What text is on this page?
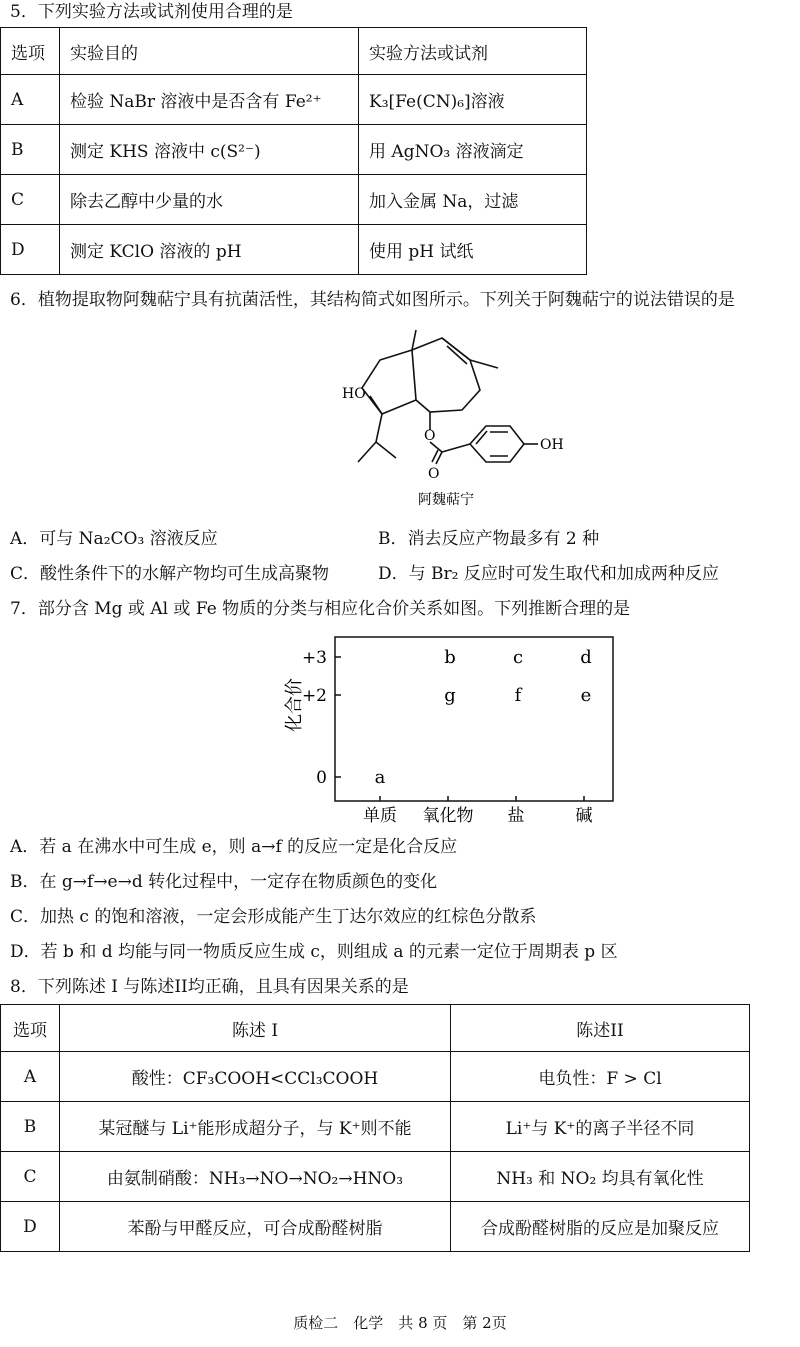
5．下列实验方法或试剂使用合理的是
选项	实验目的	实验方法或试剂
A	检验 NaBr 溶液中是否含有 Fe²⁺	K₃[Fe(CN)₆]溶液
B	测定 KHS 溶液中 c(S²⁻)	用 AgNO₃ 溶液滴定
C	除去乙醇中少量的水	加入金属 Na，过滤
D	测定 KClO 溶液的 pH	使用 pH 试纸
6．植物提取物阿魏萜宁具有抗菌活性，其结构简式如图所示。下列关于阿魏萜宁的说法错误的是
HO
O
O
OH
阿魏萜宁
A．可与 Na₂CO₃ 溶液反应	B．消去反应产物最多有 2 种
C．酸性条件下的水解产物均可生成高聚物	D．与 Br₂ 反应时可发生取代和加成两种反应
7．部分含 Mg 或 Al 或 Fe 物质的分类与相应化合价关系如图。下列推断合理的是
化合价
+3
+2
0
单质 氧化物 盐	碱
a
b
g
c
f
d
e
A．若 a 在沸水中可生成 e，则 a→f 的反应一定是化合反应
B．在 g→f→e→d 转化过程中，一定存在物质颜色的变化
C．加热 c 的饱和溶液，一定会形成能产生丁达尔效应的红棕色分散系
D．若 b 和 d 均能与同一物质反应生成 c，则组成 a 的元素一定位于周期表 p 区
8．下列陈述 I 与陈述II均正确，且具有因果关系的是
选项	陈述 I	陈述II
A	酸性：CF₃COOH<CCl₃COOH	电负性：F > Cl
B	某冠醚与 Li⁺能形成超分子，与 K⁺则不能	Li⁺与 K⁺的离子半径不同
C	由氨制硝酸：NH₃→NO→NO₂→HNO₃	NH₃ 和 NO₂ 均具有氧化性
D	苯酚与甲醛反应，可合成酚醛树脂	合成酚醛树脂的反应是加聚反应
质检二　化学　共 8 页　第 2页
